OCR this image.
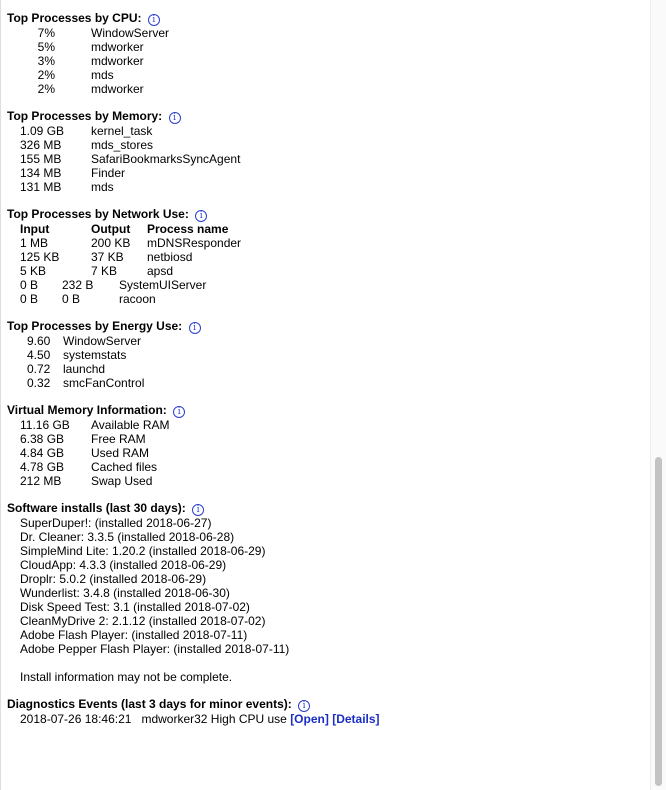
Top Processes by CPU: i
7%	WindowServer
5%	mdworker
3%	mdworker
2%	mds
2%	mdworker
Top Processes by Memory: i
1.09 GB kernel_task
326 MB mds_stores
155 MB SafariBookmarksSyncAgent
134 MB Finder
131 MB mds
Top Processes by Network Use: i
Input	Output Process name
1 MB	200 KB mDNSResponder
125 KB	37 KB netbiosd
5 KB	7 KB apsd
0 B 232 B SystemUIServer
0 B 0 B	racoon
Top Processes by Energy Use: i
9.60 WindowServer
4.50 systemstats
0.72 launchd
0.32 smcFanControl
Virtual Memory Information: i
11.16 GB Available RAM
6.38 GB Free RAM
4.84 GB Used RAM
4.78 GB Cached files
212 MB Swap Used
Software installs (last 30 days): i
SuperDuper!: (installed 2018-06-27)
Dr. Cleaner: 3.3.5 (installed 2018-06-28)
SimpleMind Lite: 1.20.2 (installed 2018-06-29)
CloudApp: 4.3.3 (installed 2018-06-29)
Droplr: 5.0.2 (installed 2018-06-29)
Wunderlist: 3.4.8 (installed 2018-06-30)
Disk Speed Test: 3.1 (installed 2018-07-02)
CleanMyDrive 2: 2.1.12 (installed 2018-07-02)
Adobe Flash Player: (installed 2018-07-11)
Adobe Pepper Flash Player: (installed 2018-07-11)
Install information may not be complete.
Diagnostics Events (last 3 days for minor events): i
2018-07-26 18:46:21 mdworker32 High CPU use [Open] [Details]
